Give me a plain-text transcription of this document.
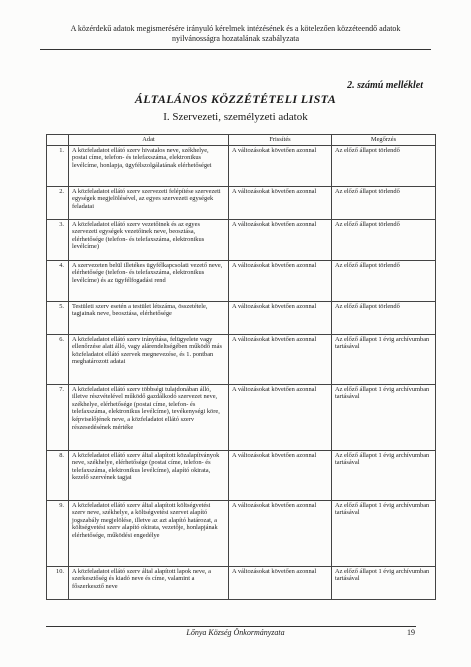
A közérdekű adatok megismerésére irányuló kérelmek intézésének és a kötelezően közzéteendő adatok
nyilvánosságra hozatalának szabályzata
2. számú melléklet
ÁLTALÁNOS KÖZZÉTÉTELI LISTA
I. Szervezeti, személyzeti adatok
	Adat	Frissítés	Megőrzés
1.	A közfeladatot ellátó szerv hivatalos neve, székhelye, postai címe, telefon- és telefaxszáma, elektronikus levélcíme, honlapja, ügyfélszolgálatának elérhetőségei	A változásokat követően azonnal	Az előző állapot törlendő
2.	A közfeladatot ellátó szerv szervezeti felépítése szervezeti egységek megjelölésével, az egyes szervezeti egységek feladatai	A változásokat követően azonnal	Az előző állapot törlendő
3.	A közfeladatot ellátó szerv vezetőinek és az egyes szervezeti egységek vezetőinek neve, beosztása, elérhetősége (telefon- és telefaxszáma, elektronikus levélcíme)	A változásokat követően azonnal	Az előző állapot törlendő
4.	A szervezeten belül illetékes ügyfélkapcsolati vezető neve, elérhetősége (telefon- és telefaxszáma, elektronikus levélcíme) és az ügyfélfogadási rend	A változásokat követően azonnal	Az előző állapot törlendő
5.	Testületi szerv esetén a testület létszáma, összetétele, tagjainak neve, beosztása, elérhetősége	A változásokat követően azonnal	Az előző állapot törlendő
6.	A közfeladatot ellátó szerv irányítása, felügyelete vagy ellenőrzése alatt álló, vagy alárendeltségében működő más közfeladatot ellátó szervek megnevezése, és 1. pontban meghatározott adatai	A változásokat követően azonnal	Az előző állapot 1 évig archívumban tartásával
7.	A közfeladatot ellátó szerv többségi tulajdonában álló, illetve részvételével működő gazdálkodó szervezet neve, székhelye, elérhetősége (postai címe, telefon- és telefaxszáma, elektronikus levélcíme), tevékenységi köre, képviselőjének neve, a közfeladatot ellátó szerv részesedésének mértéke	A változásokat követően azonnal	Az előző állapot 1 évig archívumban tartásával
8.	A közfeladatot ellátó szerv által alapított közalapítványok neve, székhelye, elérhetősége (postai címe, telefon- és telefaxszáma, elektronikus levélcíme), alapító okirata, kezelő szervének tagjai	A változásokat követően azonnal	Az előző állapot 1 évig archívumban tartásával
9.	A közfeladatot ellátó szerv által alapított költségvetési szerv neve, székhelye, a költségvetési szervet alapító jogszabály megjelölése, illetve az azt alapító határozat, a költségvetési szerv alapító okirata, vezetője, honlapjának elérhetősége, működési engedélye	A változásokat követően azonnal	Az előző állapot 1 évig archívumban tartásával
10.	A közfeladatot ellátó szerv által alapított lapok neve, a szerkesztőség és kiadó neve és címe, valamint a főszerkesztő neve	A változásokat követően azonnal	Az előző állapot 1 évig archívumban tartásával
Lőnya Község Önkormányzata	19
